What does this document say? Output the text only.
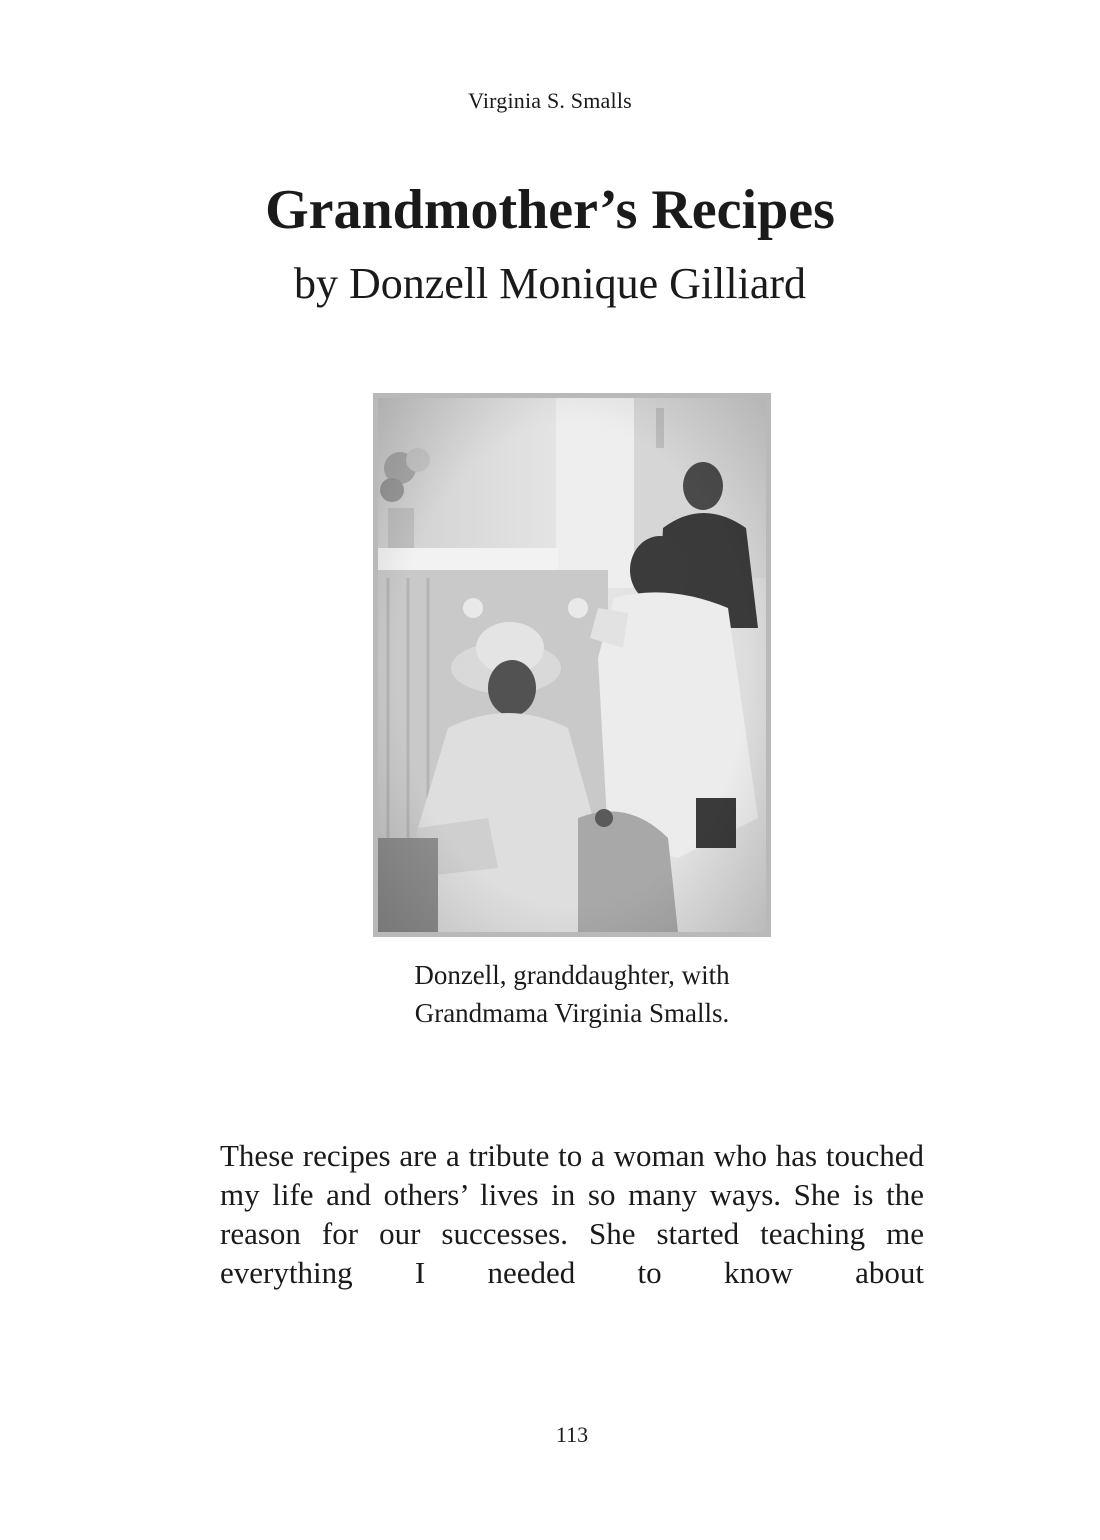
Virginia S. Smalls
Grandmother’s Recipes
by Donzell Monique Gilliard
Donzell, granddaughter, with
Grandmama Virginia Smalls.

These recipes are a tribute to a woman who has touched my life and others’ lives in so many ways. She is the reason for our successes. She started teaching me everything I needed to know about

113
